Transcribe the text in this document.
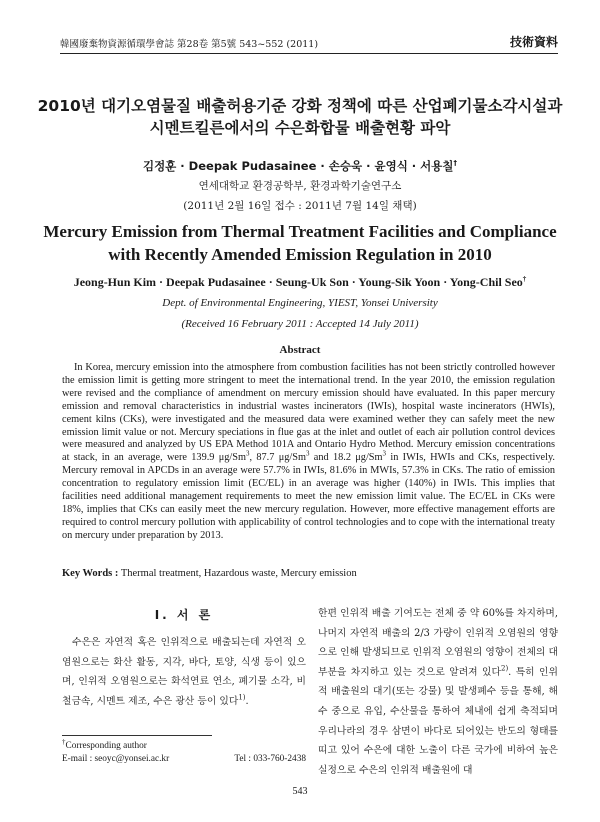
韓國廢棄物資源循環學會誌 第28卷 第5號 543~552 (2011)	技術資料
2010년 대기오염물질 배출허용기준 강화 정책에 따른 산업폐기물소각시설과
시멘트킬른에서의 수은화합물 배출현황 파악
김정훈 · Deepak Pudasainee · 손승욱 · 윤영식 · 서용칠†
연세대학교 환경공학부, 환경과학기술연구소
(2011년 2월 16일 접수 : 2011년 7월 14일 채택)
Mercury Emission from Thermal Treatment Facilities and Compliance
with Recently Amended Emission Regulation in 2010
Jeong-Hun Kim · Deepak Pudasainee · Seung-Uk Son · Young-Sik Yoon · Yong-Chil Seo†
Dept. of Environmental Engineering, YIEST, Yonsei University
(Received 16 February 2011 : Accepted 14 July 2011)
Abstract

In Korea, mercury emission into the atmosphere from combustion facilities has not been strictly controlled however the emission limit is getting more stringent to meet the international trend. In the year 2010, the emission regulation were revised and the compliance of amendment on mercury emission should have evaluated. In this paper mercury emission and removal characteristics in industrial wastes incinerators (IWIs), hospital waste incinerators (HWIs), cement kilns (CKs), were investigated and the measured data were examined wether they can safely meet the new emission limit value or not. Mercury speciations in flue gas at the inlet and outlet of each air pollution control devices were measured and analyzed by US EPA Method 101A and Ontario Hydro Method. Mercury emission concentrations at stack, in an average, were 139.9 μg/Sm$^3$, 87.7 μg/Sm$^3$ and 18.2 μg/Sm$^3$ in IWIs, HWIs and CKs, respectively. Mercury removal in APCDs in an average were 57.7% in IWIs, 81.6% in MWIs, 57.3% in CKs. The ratio of emission concentration to regulatory emission limit (EC/EL) in an average was higher (140%) in IWIs. This implies that facilities need additional management requirements to meet the new emission limit value. The EC/EL in CKs were 18%, implies that CKs can easily meet the new mercury regulation. However, more effective management efforts are required to control mercury pollution with applicability of control technologies and to cope with the international treaty on mercury under preparation by 2013.

Key Words : Thermal treatment, Hazardous waste, Mercury emission
I. 서 론

수은은 자연적 혹은 인위적으로 배출되는데 자연적 오염원으로는 화산 활동, 지각, 바다, 토양, 식생 등이 있으며, 인위적 오염원으로는 화석연료 연소, 폐기물 소각, 비철금속, 시멘트 제조, 수은 광산 등이 있다$^{1)}$.

한편 인위적 배출 기여도는 전체 중 약 60%를 차지하며, 나머지 자연적 배출의 2/3 가량이 인위적 오염원의 영향으로 인해 발생되므로 인위적 오염원의 영향이 전체의 대부분을 차지하고 있는 것으로 알려져 있다$^{2)}$. 특히 인위적 배출원의 대기(또는 강물) 및 발생폐수 등을 통해, 해수 중으로 유입, 수산물을 통하여 체내에 쉽게 축적되며 우리나라의 경우 삼면이 바다로 되어있는 반도의 형태를 띠고 있어 수은에 대한 노출이 다른 국가에 비하여 높은 실정으로 수은의 인위적 배출원에 대

†Corresponding author
E-mail : seoyc@yonsei.ac.kr	Tel : 033-760-2438
543
